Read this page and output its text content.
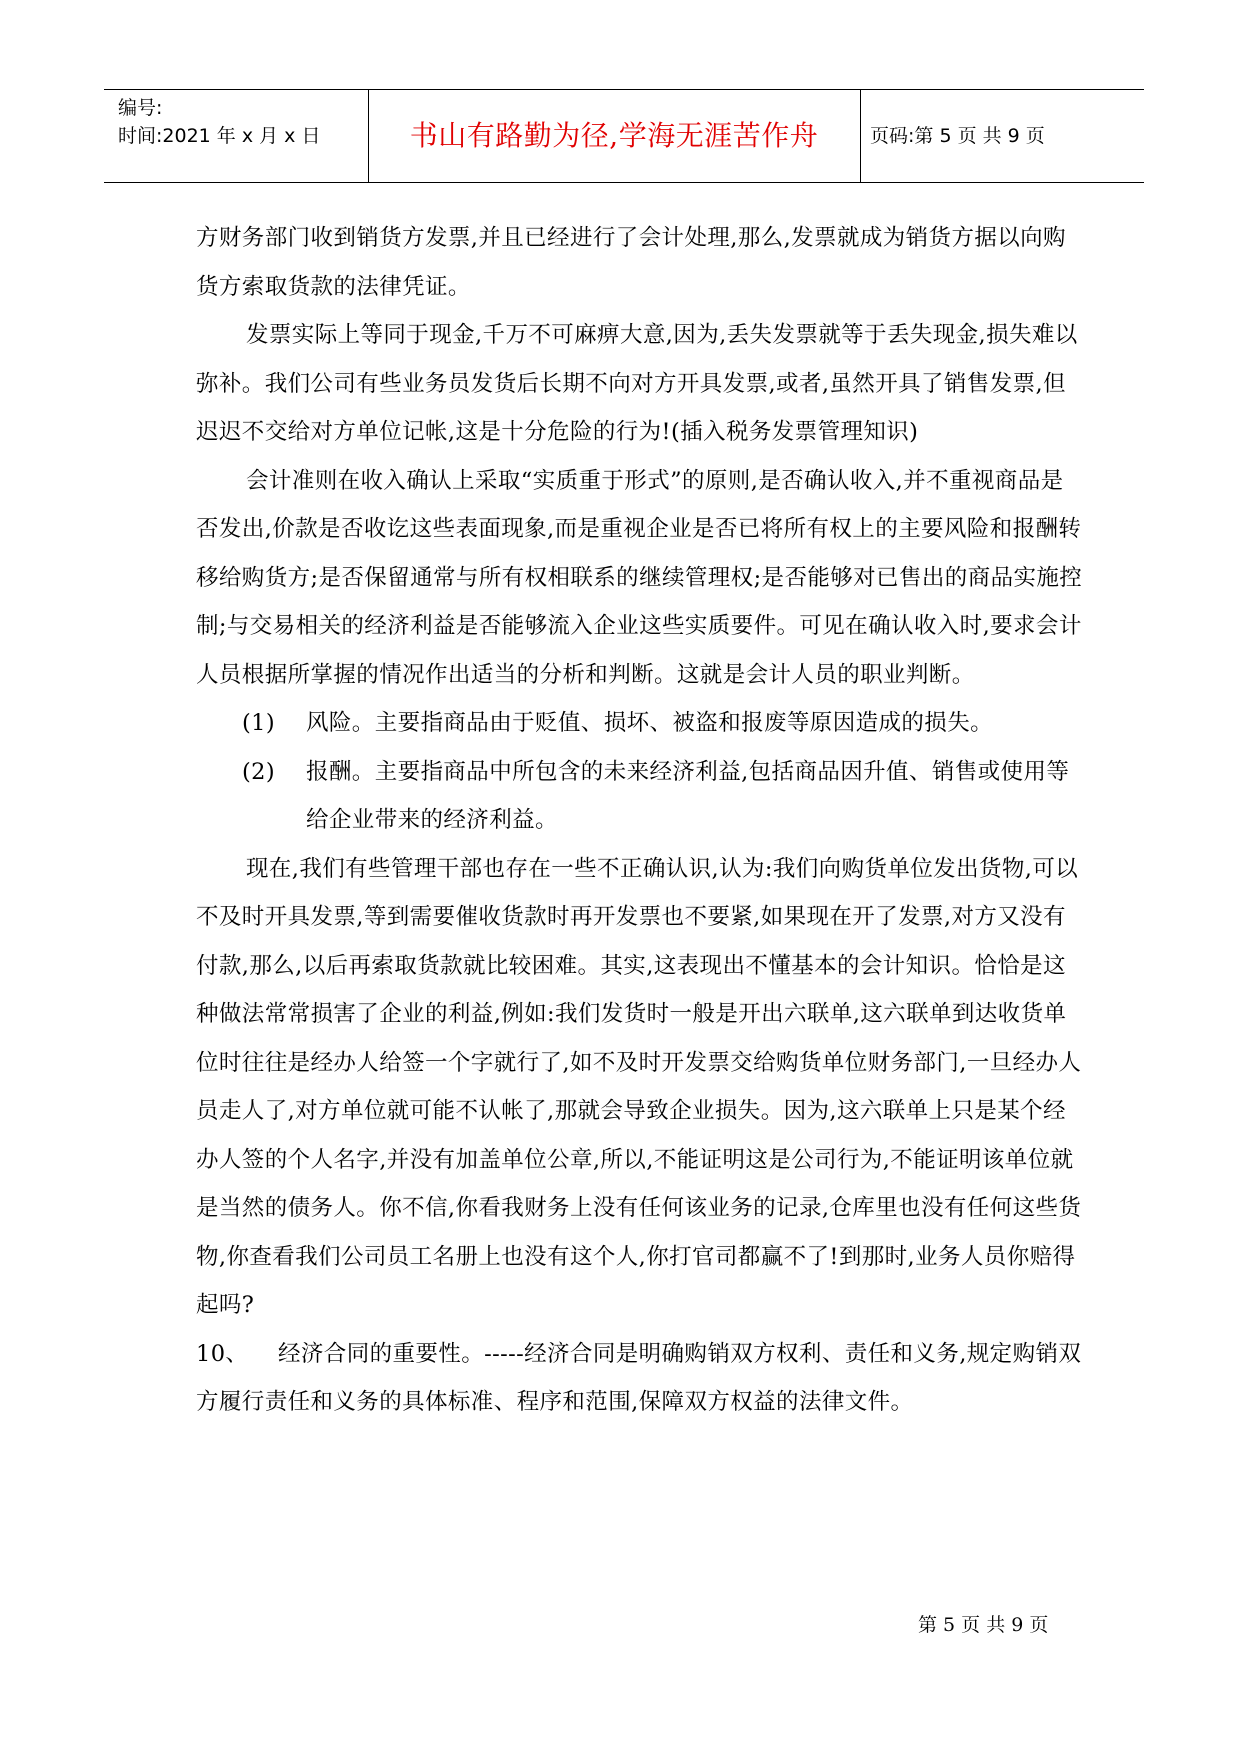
编号:
时间:2021 年 x 月 x 日	书山有路勤为径,学海无涯苦作舟	页码:第 5 页 共 9 页

方财务部门收到销货方发票,并且已经进行了会计处理,那么,发票就成为销货方据以向购货方索取货款的法律凭证。

发票实际上等同于现金,千万不可麻痹大意,因为,丢失发票就等于丢失现金,损失难以弥补。我们公司有些业务员发货后长期不向对方开具发票,或者,虽然开具了销售发票,但迟迟不交给对方单位记帐,这是十分危险的行为!(插入税务发票管理知识)

会计准则在收入确认上采取“实质重于形式”的原则,是否确认收入,并不重视商品是否发出,价款是否收讫这些表面现象,而是重视企业是否已将所有权上的主要风险和报酬转移给购货方;是否保留通常与所有权相联系的继续管理权;是否能够对已售出的商品实施控制;与交易相关的经济利益是否能够流入企业这些实质要件。可见在确认收入时,要求会计人员根据所掌握的情况作出适当的分析和判断。这就是会计人员的职业判断。

(1) 风险。主要指商品由于贬值、损坏、被盗和报废等原因造成的损失。

(2) 报酬。主要指商品中所包含的未来经济利益,包括商品因升值、销售或使用等给企业带来的经济利益。

现在,我们有些管理干部也存在一些不正确认识,认为:我们向购货单位发出货物,可以不及时开具发票,等到需要催收货款时再开发票也不要紧,如果现在开了发票,对方又没有付款,那么,以后再索取货款就比较困难。其实,这表现出不懂基本的会计知识。恰恰是这种做法常常损害了企业的利益,例如:我们发货时一般是开出六联单,这六联单到达收货单位时往往是经办人给签一个字就行了,如不及时开发票交给购货单位财务部门,一旦经办人员走人了,对方单位就可能不认帐了,那就会导致企业损失。因为,这六联单上只是某个经办人签的个人名字,并没有加盖单位公章,所以,不能证明这是公司行为,不能证明该单位就是当然的债务人。你不信,你看我财务上没有任何该业务的记录,仓库里也没有任何这些货物,你查看我们公司员工名册上也没有这个人,你打官司都赢不了!到那时,业务人员你赔得起吗?

10、 经济合同的重要性。-----经济合同是明确购销双方权利、责任和义务,规定购销双方履行责任和义务的具体标准、程序和范围,保障双方权益的法律文件。

第 5 页 共 9 页
